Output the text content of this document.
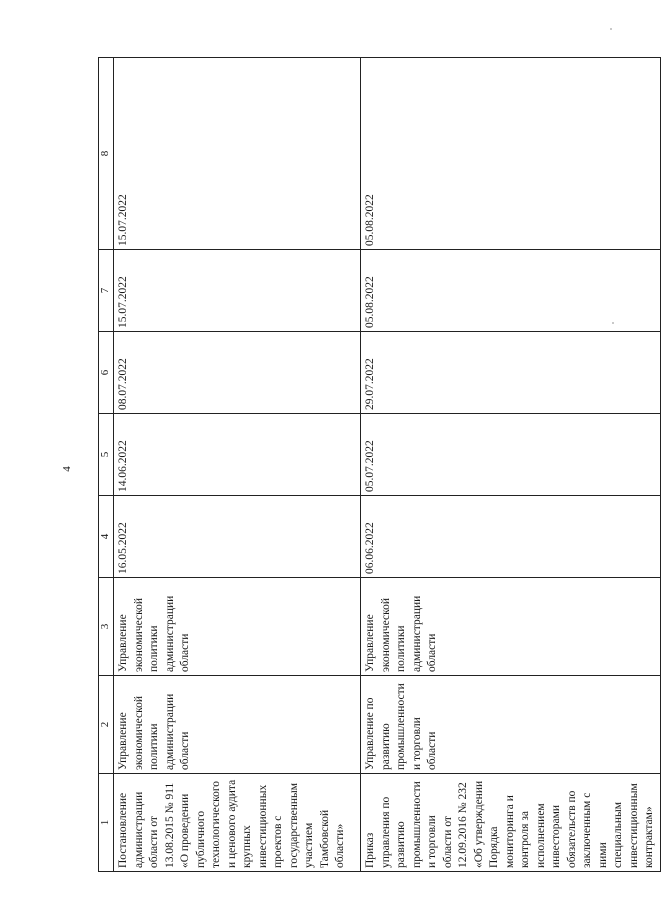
4
1	2	3	4	5	6	7	8
Постановление администрации области от 13.08.2015 № 911 «О проведении публичного технологического и ценового аудита крупных инвестиционных проектов с государственным участием Тамбовской области»	Управление экономической политики администрации области	Управление экономической политики администрации области	16.05.2022	14.06.2022	08.07.2022	15.07.2022	15.07.2022
Приказ управления по развитию промышленности и торговли области от 12.09.2016 № 232 «Об утверждении Порядка мониторинга и контроля за исполнением инвесторами обязательств по заключенным с ними специальным инвестиционным контрактам»	Управление по развитию промышленности и торговли области	Управление экономической политики администрации области	06.06.2022	05.07.2022	29.07.2022	05.08.2022	05.08.2022
